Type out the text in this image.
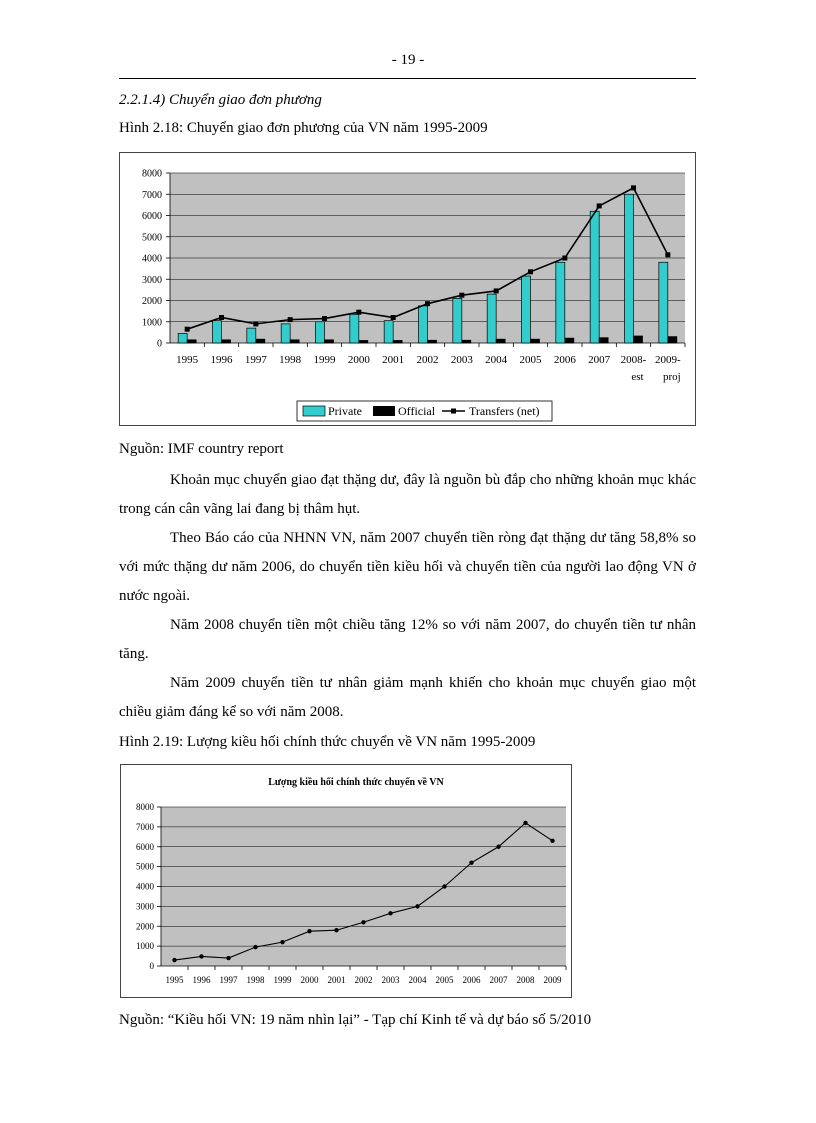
- 19 -
2.2.1.4) Chuyển giao đơn phương
Hình 2.18: Chuyển giao đơn phương của VN năm 1995-2009
0
1000
2000
3000
4000
5000
6000
7000
8000
1995 1996 1997 1998 1999 2000 2001 2002 2003 2004 2005 2006 2007 2008-
est
2009-
proj
Private	Official	Transfers (net)
Nguồn: IMF country report
Khoản mục chuyển giao đạt thặng dư, đây là nguồn bù đắp cho những khoản mục khác trong cán cân vãng lai đang bị thâm hụt.
Theo Báo cáo của NHNN VN, năm 2007 chuyển tiền ròng đạt thặng dư tăng 58,8% so với mức thặng dư năm 2006, do chuyển tiền kiều hối và chuyển tiền của người lao động VN ở nước ngoài.
Năm 2008 chuyển tiền một chiều tăng 12% so với năm 2007, do chuyển tiền tư nhân tăng.
Năm 2009 chuyển tiền tư nhân giảm mạnh khiến cho khoản mục chuyển giao một chiều giảm đáng kể so với năm 2008.
Hình 2.19: Lượng kiều hối chính thức chuyển về VN năm 1995-2009
Lượng kiều hối chính thức chuyển về VN
0
1000
2000
3000
4000
5000
6000
7000
8000
1995 1996 1997 1998 1999 2000 2001 2002 2003 2004 2005 2006 2007 2008 2009
Nguồn: “Kiều hối VN: 19 năm nhìn lại” - Tạp chí Kinh tế và dự báo số 5/2010
